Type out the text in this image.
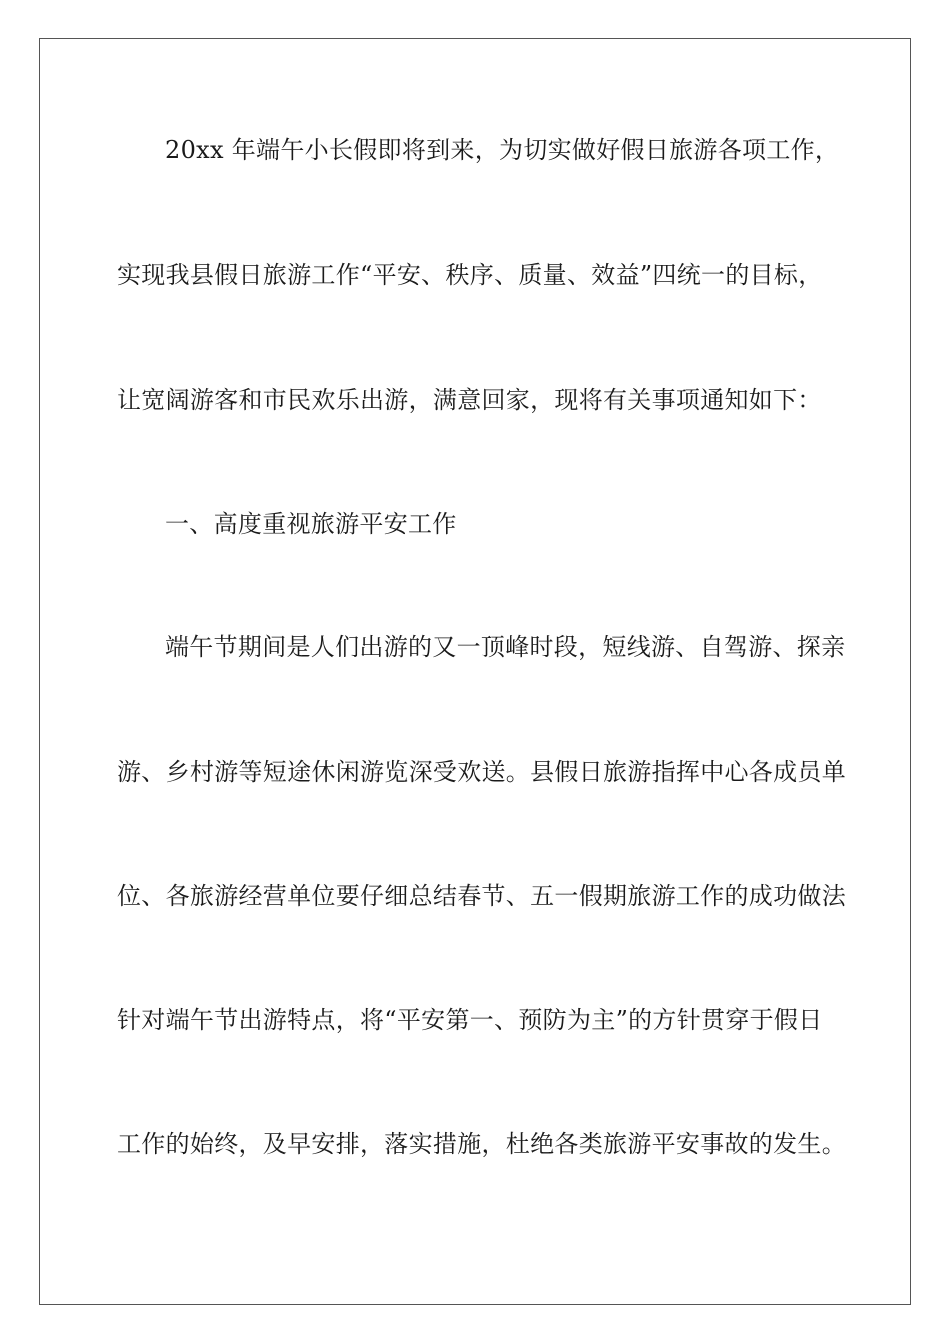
20xx 年端午小长假即将到来，为切实做好假日旅游各项工作，
实现我县假日旅游工作“平安、秩序、质量、效益”四统一的目标，
让宽阔游客和市民欢乐出游，满意回家，现将有关事项通知如下：
一、高度重视旅游平安工作
端午节期间是人们出游的又一顶峰时段，短线游、自驾游、探亲
游、乡村游等短途休闲游览深受欢送。县假日旅游指挥中心各成员单
位、各旅游经营单位要仔细总结春节、五一假期旅游工作的成功做法
针对端午节出游特点，将“平安第一、预防为主”的方针贯穿于假日
工作的始终，及早安排，落实措施，杜绝各类旅游平安事故的发生。
